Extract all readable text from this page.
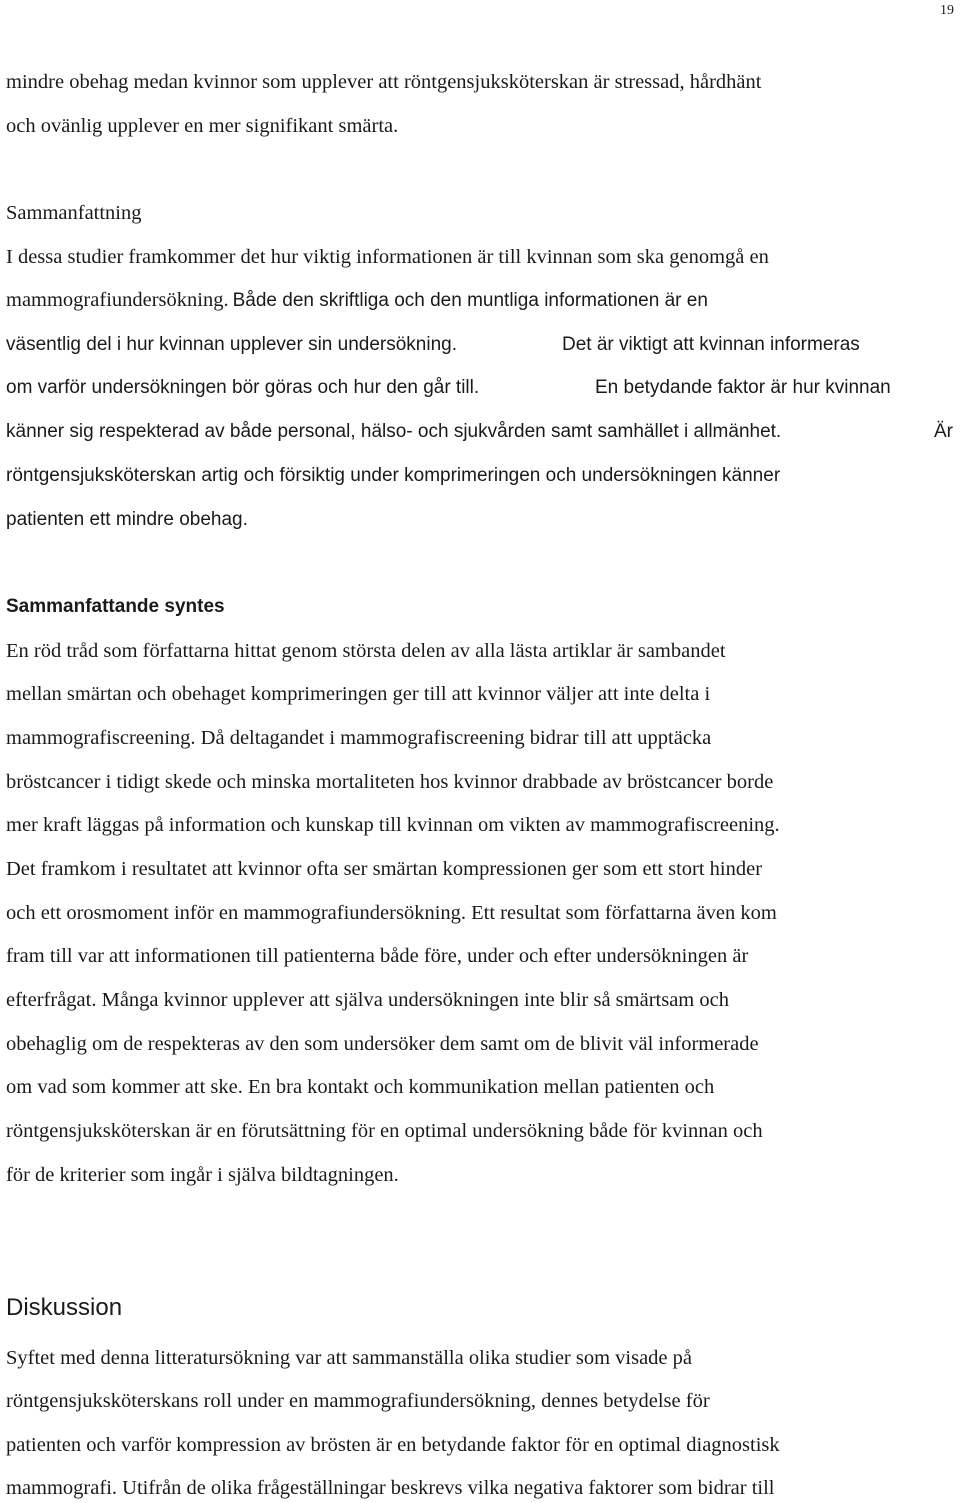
19
mindre obehag medan kvinnor som upplever att röntgensjuksköterskan är stressad, hårdhänt
och ovänlig upplever en mer signifikant smärta.
Sammanfattning
I dessa studier framkommer det hur viktig informationen är till kvinnan som ska genomgå en
mammografiundersökning. Både den skriftliga och den muntliga informationen är en
väsentlig del i hur kvinnan upplever sin undersökning.	Det är viktigt att kvinnan informeras
om varför undersökningen bör göras och hur den går till.	En betydande faktor är hur kvinnan
känner sig respekterad av både personal, hälso- och sjukvården samt samhället i allmänhet.	Är
röntgensjuksköterskan artig och försiktig under komprimeringen och undersökningen känner
patienten ett mindre obehag.
Sammanfattande syntes
En röd tråd som författarna hittat genom största delen av alla lästa artiklar är sambandet
mellan smärtan och obehaget komprimeringen ger till att kvinnor väljer att inte delta i
mammografiscreening. Då deltagandet i mammografiscreening bidrar till att upptäcka
bröstcancer i tidigt skede och minska mortaliteten hos kvinnor drabbade av bröstcancer borde
mer kraft läggas på information och kunskap till kvinnan om vikten av mammografiscreening.
Det framkom i resultatet att kvinnor ofta ser smärtan kompressionen ger som ett stort hinder
och ett orosmoment inför en mammografiundersökning. Ett resultat som författarna även kom
fram till var att informationen till patienterna både före, under och efter undersökningen är
efterfrågat. Många kvinnor upplever att själva undersökningen inte blir så smärtsam och
obehaglig om de respekteras av den som undersöker dem samt om de blivit väl informerade
om vad som kommer att ske. En bra kontakt och kommunikation mellan patienten och
röntgensjuksköterskan är en förutsättning för en optimal undersökning både för kvinnan och
för de kriterier som ingår i själva bildtagningen.
Diskussion
Syftet med denna litteratursökning var att sammanställa olika studier som visade på
röntgensjuksköterskans roll under en mammografiundersökning, dennes betydelse för
patienten och varför kompression av brösten är en betydande faktor för en optimal diagnostisk
mammografi. Utifrån de olika frågeställningar beskrevs vilka negativa faktorer som bidrar till
